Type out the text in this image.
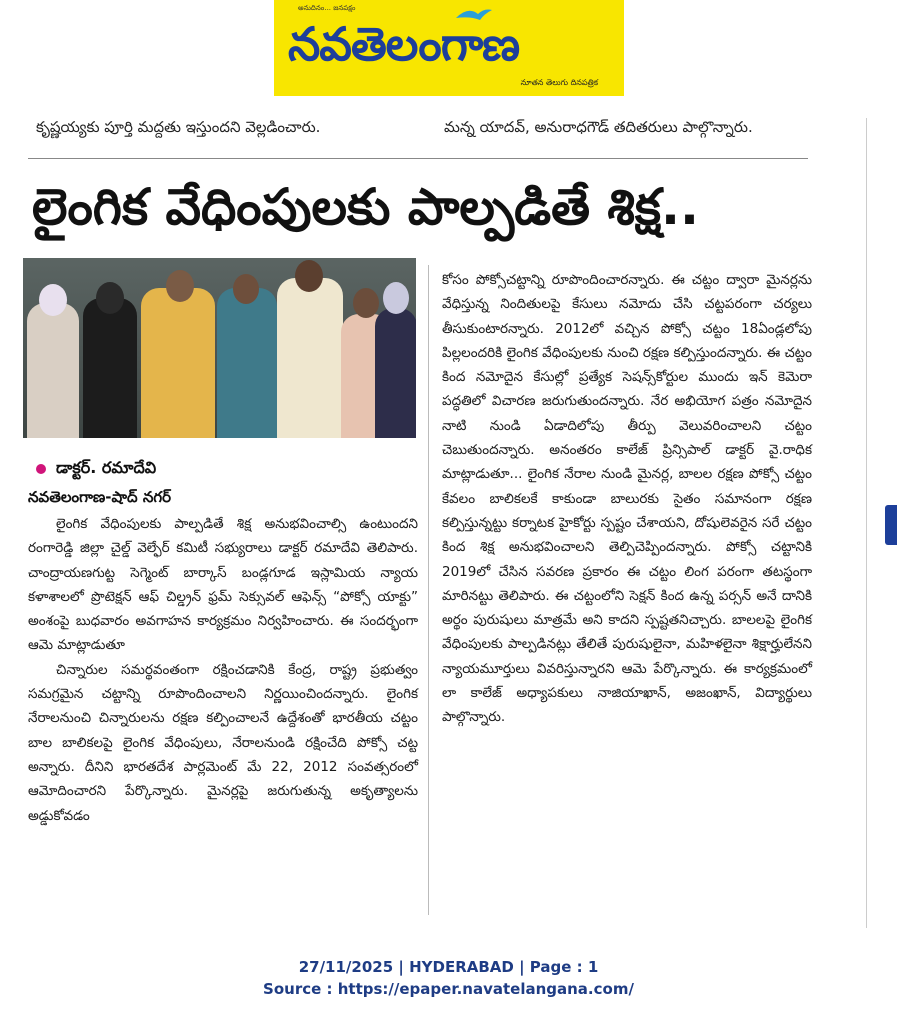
అనుదినం... జనపక్షం
నవతెలంగాణ
నూతన తెలుగు దినపత్రిక
కృష్ణయ్యకు పూర్తి మద్దతు ఇస్తుందని వెల్లడించారు.	మన్న యాదవ్, అనురాధగౌడ్ తదితరులు పాల్గొన్నారు.
లైంగిక వేధింపులకు పాల్పడితే శిక్ష..
డాక్టర్. రమాదేవి
నవతెలంగాణ-షాద్ నగర్

లైంగిక వేధింపులకు పాల్పడితే శిక్ష అనుభవించాల్సి ఉంటుందని రంగారెడ్డి జిల్లా చైల్డ్ వెల్ఫేర్ కమిటీ సభ్యురాలు డాక్టర్ రమాదేవి తెలిపారు. చాంద్రాయణగుట్ట సెగ్మెంట్ బార్కాస్ బండ్లగూడ ఇస్లామియ న్యాయ కళాశాలలో ప్రొటెక్షన్ ఆఫ్ చిల్డ్రన్ ఫ్రమ్ సెక్సువల్ ఆఫెన్స్ “పోక్సో యాక్టు” అంశంపై బుధవారం అవగాహన కార్యక్రమం నిర్వహించారు. ఈ సందర్భంగా ఆమె మాట్లాడుతూ

చిన్నారుల సమర్థవంతంగా రక్షించడానికి కేంద్ర, రాష్ట్ర ప్రభుత్వం సమగ్రమైన చట్టాన్ని రూపొందించాలని నిర్ణయించిందన్నారు. లైంగిక నేరాలనుంచి చిన్నారులను రక్షణ కల్పించాలనే ఉద్దేశంతో భారతీయ చట్టం బాల బాలికలపై లైంగిక వేధింపులు, నేరాలనుండి రక్షించేది పోక్సో చట్ట అన్నారు. దీనిని భారతదేశ పార్లమెంట్ మే 22, 2012 సంవత్సరంలో ఆమోదించారని పేర్కొన్నారు. మైనర్లపై జరుగుతున్న అకృత్యాలను అడ్డుకోవడం

కోసం పోక్సోచట్టాన్ని రూపొందించారన్నారు. ఈ చట్టం ద్వారా మైనర్లను వేధిస్తున్న నిందితులపై కేసులు నమోదు చేసి చట్టపరంగా చర్యలు తీసుకుంటారన్నారు. 2012లో వచ్చిన పోక్సో చట్టం 18ఏండ్లలోపు పిల్లలందరికి లైంగిక వేధింపులకు నుంచి రక్షణ కల్పిస్తుందన్నారు. ఈ చట్టం కింద నమోదైన కేసుల్లో ప్రత్యేక సెషన్స్‌కోర్టుల ముందు ఇన్ కెమెరా పద్ధతిలో విచారణ జరుగుతుందన్నారు. నేర అభియోగ పత్రం నమోదైన నాటి నుండి ఏడాదిలోపు తీర్పు వెలువరించాలని చట్టం చెబుతుందన్నారు. అనంతరం కాలేజ్ ప్రిన్సిపాల్ డాక్టర్ వై.రాధిక మాట్లాడుతూ... లైంగిక నేరాల నుండి మైనర్ల, బాలల రక్షణ పోక్సో చట్టం కేవలం బాలికలకే కాకుండా బాలురకు సైతం సమానంగా రక్షణ కల్పిస్తున్నట్టు కర్నాటక హైకోర్టు స్పష్టం చేశాయని, దోషులెవరైన సరే చట్టం కింద శిక్ష అనుభవించాలని తెల్పిచెప్పిందన్నారు. పోక్సో చట్టానికి 2019లో చేసిన సవరణ ప్రకారం ఈ చట్టం లింగ పరంగా తటస్థంగా మారినట్టు తెలిపారు. ఈ చట్టంలోని సెక్షన్ కింద ఉన్న పర్సన్ అనే దానికి అర్థం పురుషులు మాత్రమే అని కాదని స్పష్టతనిచ్చారు. బాలలపై లైంగిక వేధింపులకు పాల్పడినట్లు తేలితే పురుషులైనా, మహిళలైనా శిక్షార్హులేనని న్యాయమూర్తులు వివరిస్తున్నారని ఆమె పేర్కొన్నారు. ఈ కార్యక్రమంలో లా కాలేజ్ అధ్యాపకులు నాజియాఖాన్, అజంఖాన్, విద్యార్థులు పాల్గొన్నారు.

27/11/2025 | HYDERABAD | Page : 1
Source : https://epaper.navatelangana.com/
